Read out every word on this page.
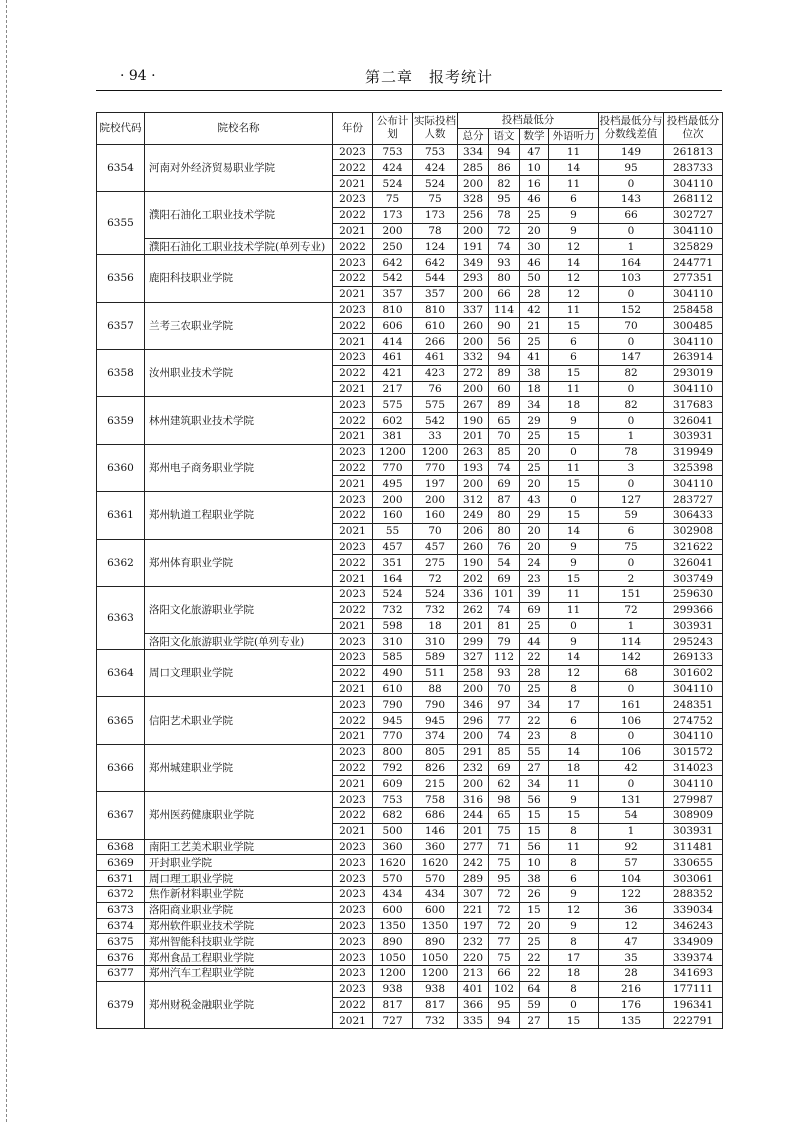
· 94 ·	第二章　报考统计
院校代码	院校名称	年份	公布计划	实际投档人数	投档最低分				投档最低分与分数线差值	投档最低分位次
					总分	语文	数学	外语听力		
6354	河南对外经济贸易职业学院	2023	753	753	334	94	47	11	149	261813
		2022	424	424	285	86	10	14	95	283733
		2021	524	524	200	82	16	11	0	304110
6355	濮阳石油化工职业技术学院	2023	75	75	328	95	46	6	143	268112
		2022	173	173	256	78	25	9	66	302727
		2021	200	78	200	72	20	9	0	304110
	濮阳石油化工职业技术学院(单列专业)	2022	250	124	191	74	30	12	1	325829
6356	鹿阳科技职业学院	2023	642	642	349	93	46	14	164	244771
		2022	542	544	293	80	50	12	103	277351
		2021	357	357	200	66	28	12	0	304110
6357	兰考三农职业学院	2023	810	810	337	114	42	11	152	258458
		2022	606	610	260	90	21	15	70	300485
		2021	414	266	200	56	25	6	0	304110
6358	汝州职业技术学院	2023	461	461	332	94	41	6	147	263914
		2022	421	423	272	89	38	15	82	293019
		2021	217	76	200	60	18	11	0	304110
6359	林州建筑职业技术学院	2023	575	575	267	89	34	18	82	317683
		2022	602	542	190	65	29	9	0	326041
		2021	381	33	201	70	25	15	1	303931
6360	郑州电子商务职业学院	2023	1200	1200	263	85	20	0	78	319949
		2022	770	770	193	74	25	11	3	325398
		2021	495	197	200	69	20	15	0	304110
6361	郑州轨道工程职业学院	2023	200	200	312	87	43	0	127	283727
		2022	160	160	249	80	29	15	59	306433
		2021	55	70	206	80	20	14	6	302908
6362	郑州体育职业学院	2023	457	457	260	76	20	9	75	321622
		2022	351	275	190	54	24	9	0	326041
		2021	164	72	202	69	23	15	2	303749
6363	洛阳文化旅游职业学院	2023	524	524	336	101	39	11	151	259630
		2022	732	732	262	74	69	11	72	299366
		2021	598	18	201	81	25	0	1	303931
	洛阳文化旅游职业学院(单列专业)	2023	310	310	299	79	44	9	114	295243
6364	周口文理职业学院	2023	585	589	327	112	22	14	142	269133
		2022	490	511	258	93	28	12	68	301602
		2021	610	88	200	70	25	8	0	304110
6365	信阳艺术职业学院	2023	790	790	346	97	34	17	161	248351
		2022	945	945	296	77	22	6	106	274752
		2021	770	374	200	74	23	8	0	304110
6366	郑州城建职业学院	2023	800	805	291	85	55	14	106	301572
		2022	792	826	232	69	27	18	42	314023
		2021	609	215	200	62	34	11	0	304110
6367	郑州医药健康职业学院	2023	753	758	316	98	56	9	131	279987
		2022	682	686	244	65	15	15	54	308909
		2021	500	146	201	75	15	8	1	303931
6368	南阳工艺美术职业学院	2023	360	360	277	71	56	11	92	311481
6369	开封职业学院	2023	1620	1620	242	75	10	8	57	330655
6371	周口理工职业学院	2023	570	570	289	95	38	6	104	303061
6372	焦作新材料职业学院	2023	434	434	307	72	26	9	122	288352
6373	洛阳商业职业学院	2023	600	600	221	72	15	12	36	339034
6374	郑州软件职业技术学院	2023	1350	1350	197	72	20	9	12	346243
6375	郑州智能科技职业学院	2023	890	890	232	77	25	8	47	334909
6376	郑州食品工程职业学院	2023	1050	1050	220	75	22	17	35	339374
6377	郑州汽车工程职业学院	2023	1200	1200	213	66	22	18	28	341693
6379	郑州财税金融职业学院	2023	938	938	401	102	64	8	216	177111
		2022	817	817	366	95	59	0	176	196341
		2021	727	732	335	94	27	15	135	222791
